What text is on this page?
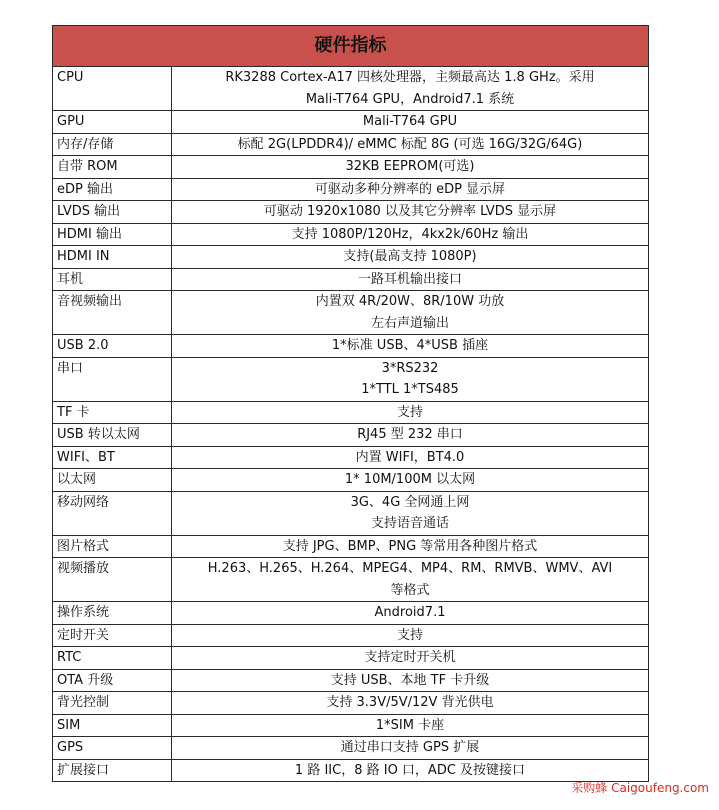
硬件指标	
CPU	RK3288 Cortex-A17 四核处理器，主频最高达 1.8 GHz。采用
Mali-T764 GPU，Android7.1 系统

GPU	Mali-T764 GPU

内存/存储	标配 2G(LPDDR4)/ eMMC 标配 8G (可选 16G/32G/64G)

自带 ROM	32KB EEPROM(可选)

eDP 输出	可驱动多种分辨率的 eDP 显示屏

LVDS 输出	可驱动 1920x1080 以及其它分辨率 LVDS 显示屏

HDMI 输出	支持 1080P/120Hz，4kx2k/60Hz 输出

HDMI IN	支持(最高支持 1080P)

耳机	一路耳机输出接口

音视频输出	内置双 4R/20W、8R/10W 功放
左右声道输出

USB 2.0	1*标准 USB、4*USB 插座

串口	3*RS232
1*TTL 1*TS485

TF 卡	支持

USB 转以太网	RJ45 型 232 串口

WIFI、BT	内置 WIFI，BT4.0

以太网	1* 10M/100M 以太网

移动网络	3G、4G 全网通上网
支持语音通话

图片格式	支持 JPG、BMP、PNG 等常用各种图片格式

视频播放	H.263、H.265、H.264、MPEG4、MP4、RM、RMVB、WMV、AVI
等格式

操作系统	Android7.1

定时开关	支持

RTC	支持定时开关机

OTA 升级	支持 USB、本地 TF 卡升级

背光控制	支持 3.3V/5V/12V 背光供电

SIM	1*SIM 卡座

GPS	通过串口支持 GPS 扩展

扩展接口	1 路 IIC，8 路 IO 口，ADC 及按键接口
采购蜂 Caigoufeng.com
